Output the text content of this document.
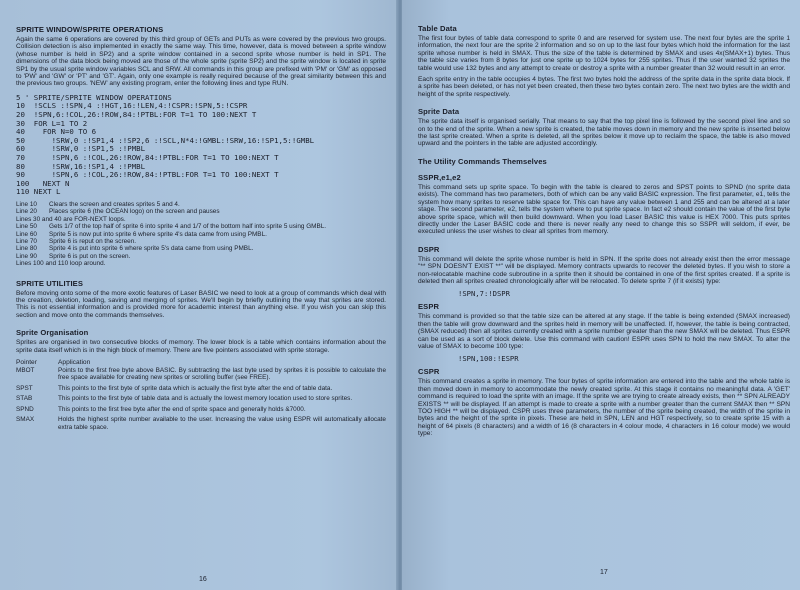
SPRITE WINDOW/SPRITE OPERATIONS

Again the same 6 operations are covered by this third group of GETs and PUTs as were covered by the previous two groups. Collision detection is also implemented in exactly the same way. This time, however, data is moved between a sprite window (whose number is held in SP2) and a sprite window contained in a second sprite whose number is held in SP1. The dimensions of the data block being moved are those of the whole sprite (sprite SP2) and the sprite window is located in sprite SP1 by the usual sprite window variables SCL and SRW. All commands in this group are prefixed with 'PM' or 'GM' as opposed to 'PW' and 'GW' or 'PT' and 'GT'. Again, only one example is really required because of the great similarity between this and the previous two groups. 'NEW' any existing program, enter the following lines and type RUN.

5 ' SPRITE/SPRITE WINDOW OPERATIONS
10  !SCLS :!SPN,4 :!HGT,16:!LEN,4:!CSPR:!SPN,5:!CSPR
20  !SPN,6:!COL,26:!ROW,84:!PTBL:FOR T=1 TO 100:NEXT T
30  FOR L=1 TO 2
40    FOR N=0 TO 6
50      !SRW,0 :!SP1,4 :!SP2,6 :!SCL,N*4:!GMBL:!SRW,16:!SP1,5:!GMBL
60      !SRW,0 :!SP1,5 :!PMBL
70      !SPN,6 :!COL,26:!ROW,84:!PTBL:FOR T=1 TO 100:NEXT T
80      !SRW,16:!SP1,4 :!PMBL
90      !SPN,6 :!COL,26:!ROW,84:!PTBL:FOR T=1 TO 100:NEXT T
100   NEXT N
110 NEXT L
Line 10	Clears the screen and creates sprites 5 and 4.
Line 20	Places sprite 6 (the OCEAN logo) on the screen and pauses
Lines 30 and 40 are FOR-NEXT loops.
Line 50	Gets 1/7 of the top half of sprite 6 into sprite 4 and 1/7 of the bottom half into sprite 5 using GMBL.
Line 60	Sprite 5 is now put into sprite 6 where sprite 4's data came from using PMBL.
Line 70	Sprite 6 is reput on the screen.
Line 80	Sprite 4 is put into sprite 6 where sprite 5's data came from using PMBL.
Line 90	Sprite 6 is put on the screen.
Lines 100 and 110 loop around.
SPRITE UTILITIES

Before moving onto some of the more exotic features of Laser BASIC we need to look at a group of commands which deal with the creation, deletion, loading, saving and merging of sprites. We'll begin by briefly outlining the way that sprites are stored. This is not essential information and is provided more for academic interest than anything else. If you wish you can skip this section and move onto the commands themselves.

Sprite Organisation

Sprites are organised in two consecutive blocks of memory. The lower block is a table which contains information about the sprite data itself which is in the high block of memory. There are five pointers associated with sprite storage.

Pointer	Application
MBOT	Points to the first free byte above BASIC. By subtracting the last byte used by sprites it is possible to calculate the free space available for creating new sprites or scrolling buffer (see FREE).
SPST	This points to the first byte of sprite data which is actually the first byte after the end of table data.
STAB	This points to the first byte of table data and is actually the lowest memory location used to store sprites.
SPND	This points to the first free byte after the end of sprite space and generally holds &7000.
SMAX	Holds the highest sprite number available to the user. Increasing the value using ESPR will automatically allocate extra table space.
16
Table Data

The first four bytes of table data correspond to sprite 0 and are reserved for system use. The next four bytes are the sprite 1 information, the next four are the sprite 2 information and so on up to the last four bytes which hold the information for the last sprite whose number is held in SMAX. Thus the size of the table is determined by SMAX and uses 4x(SMAX+1) bytes. Thus the table size varies from 8 bytes for just one sprite up to 1024 bytes for 255 sprites. Thus if the user wanted 32 sprites the table would use 132 bytes and any attempt to create or destroy a sprite with a number greater than 32 would result in an error.

Each sprite entry in the table occupies 4 bytes. The first two bytes hold the address of the sprite data in the sprite data block. If a sprite has been deleted, or has not yet been created, then these two bytes contain zero. The next two bytes are the width and height of the sprite respectively.

Sprite Data

The sprite data itself is organised serially. That means to say that the top pixel line is followed by the second pixel line and so on to the end of the sprite. When a new sprite is created, the table moves down in memory and the new sprite is inserted below the last sprite created. When a sprite is deleted, all the sprites below it move up to reclaim the space, the table is also moved upward and the pointers in the table are adjusted accordingly.

The Utility Commands Themselves
SSPR,e1,e2

This command sets up sprite space. To begin with the table is cleared to zeros and SPST points to SPND (no sprite data exists). The command has two parameters, both of which can be any valid BASIC expression. The first parameter, e1, tells the system how many sprites to reserve table space for. This can have any value between 1 and 255 and can be altered at a later stage. The second parameter, e2, tells the system where to put sprite space. In fact e2 should contain the value of the first byte above sprite space, which will then build downward. When you load Laser BASIC this value is HEX 7000. This puts sprites directly under the Laser BASIC code and there is never really any need to change this so SSPR will seldom, if ever, be executed unless the user wishes to clear all sprites from memory.

DSPR

This command will delete the sprite whose number is held in SPN. If the sprite does not already exist then the error message "** SPN DOESN'T EXIST **" will be displayed. Memory contracts upwards to recover the deleted bytes. If you wish to store a non-relocatable machine code subroutine in a sprite then it should be contained in one of the first sprites created. If a sprite is deleted then all sprites created chronologically after will be relocated. To delete sprite 7 (if it exists) type:

!SPN,7:!DSPR
ESPR

This command is provided so that the table size can be altered at any stage. If the table is being extended (SMAX increased) then the table will grow downward and the sprites held in memory will be unaffected. If, however, the table is being contracted, (SMAX reduced) then all sprites currently created with a sprite number greater than the new SMAX will be deleted. Thus ESPR can be used as a sort of block delete. Use this command with caution! ESPR uses SPN to hold the new SMAX. To alter the value of SMAX to become 100 type:

!SPN,100:!ESPR
CSPR

This command creates a sprite in memory. The four bytes of sprite information are entered into the table and the whole table is then moved down in memory to accommodate the newly created sprite. At this stage it contains no meaningful data. A 'GET' command is required to load the sprite with an image. If the sprite we are trying to create already exists, then ** SPN ALREADY EXISTS ** will be displayed. If an attempt is made to create a sprite with a number greater than the current SMAX then ** SPN TOO HIGH ** will be displayed. CSPR uses three parameters, the number of the sprite being created, the width of the sprite in bytes and the height of the sprite in pixels. These are held in SPN, LEN and HGT respectively, so to create sprite 15 with a height of 64 pixels (8 characters) and a width of 16 (8 characters in 4 colour mode, 4 characters in 16 colour mode) we would type:

17
